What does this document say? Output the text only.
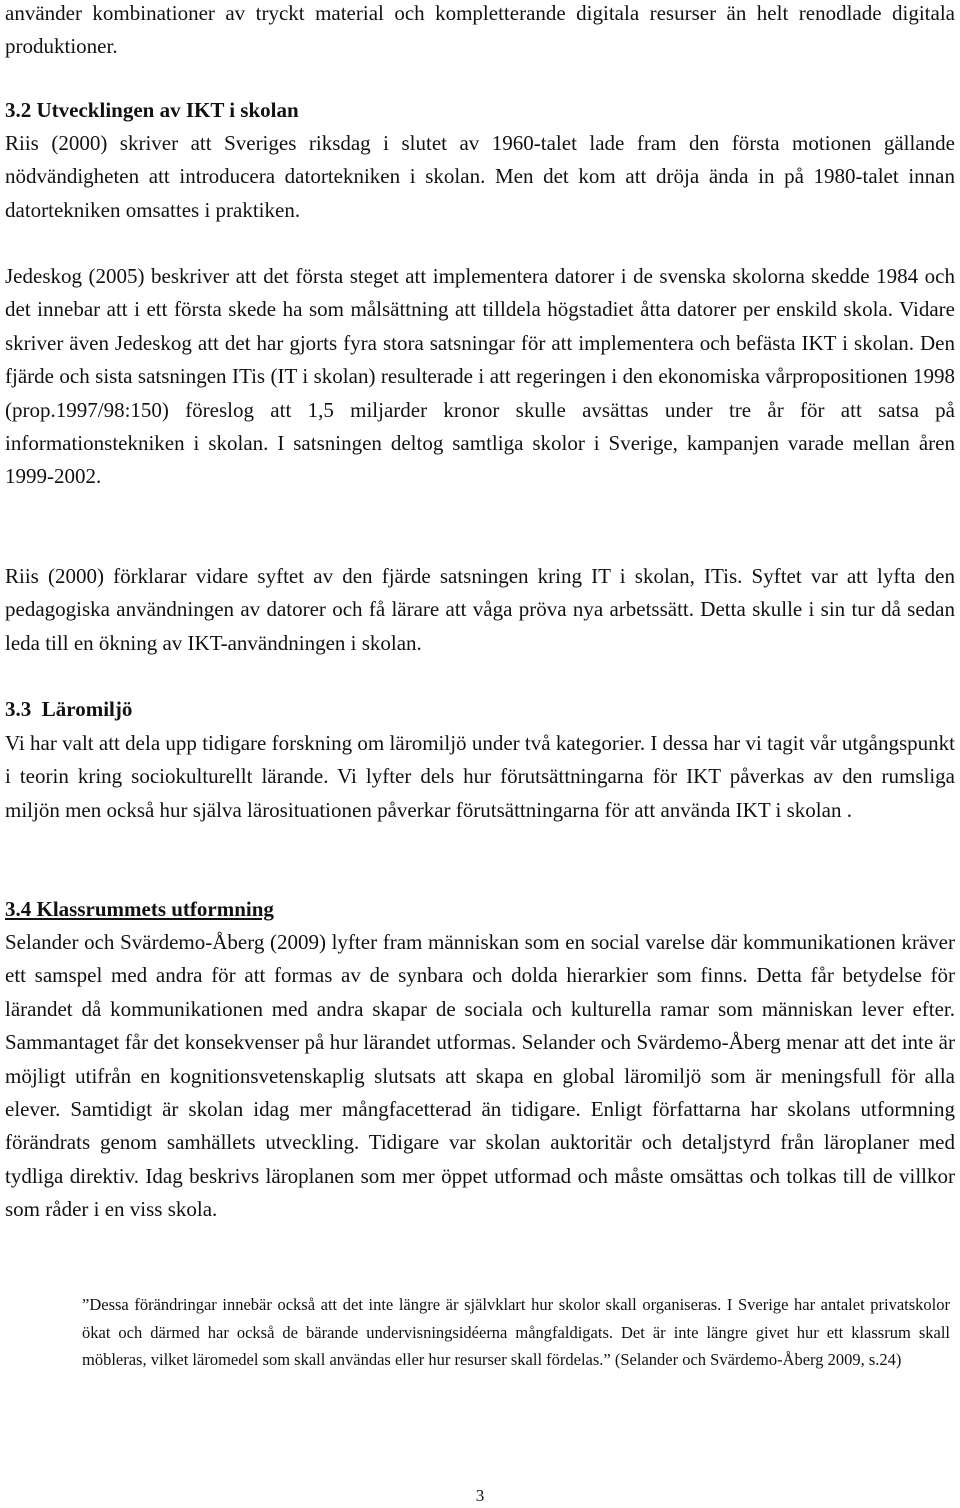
använder kombinationer av tryckt material och kompletterande digitala resurser än helt renodlade digitala produktioner.

3.2 Utvecklingen av IKT i skolan

Riis (2000) skriver att Sveriges riksdag i slutet av 1960-talet lade fram den första motionen gällande nödvändigheten att introducera datortekniken i skolan. Men det kom att dröja ända in på 1980-talet innan datortekniken omsattes i praktiken.

Jedeskog (2005) beskriver att det första steget att implementera datorer i de svenska skolorna skedde 1984 och det innebar att i ett första skede ha som målsättning att tilldela högstadiet åtta datorer per enskild skola. Vidare skriver även Jedeskog att det har gjorts fyra stora satsningar för att implementera och befästa IKT i skolan. Den fjärde och sista satsningen ITis (IT i skolan) resulterade i att regeringen i den ekonomiska vårpropositionen 1998 (prop.1997/98:150) föreslog att 1,5 miljarder kronor skulle avsättas under tre år för att satsa på informationstekniken i skolan. I satsningen deltog samtliga skolor i Sverige, kampanjen varade mellan åren 1999-2002.

Riis (2000) förklarar vidare syftet av den fjärde satsningen kring IT i skolan, ITis. Syftet var att lyfta den pedagogiska användningen av datorer och få lärare att våga pröva nya arbetssätt. Detta skulle i sin tur då sedan leda till en ökning av IKT-användningen i skolan.

3.3 Läromiljö

Vi har valt att dela upp tidigare forskning om läromiljö under två kategorier. I dessa har vi tagit vår utgångspunkt i teorin kring sociokulturellt lärande. Vi lyfter dels hur förutsättningarna för IKT påverkas av den rumsliga miljön men också hur själva lärosituationen påverkar förutsättningarna för att använda IKT i skolan .

3.4 Klassrummets utformning

Selander och Svärdemo-Åberg (2009) lyfter fram människan som en social varelse där kommunikationen kräver ett samspel med andra för att formas av de synbara och dolda hierarkier som finns. Detta får betydelse för lärandet då kommunikationen med andra skapar de sociala och kulturella ramar som människan lever efter. Sammantaget får det konsekvenser på hur lärandet utformas. Selander och Svärdemo-Åberg menar att det inte är möjligt utifrån en kognitionsvetenskaplig slutsats att skapa en global läromiljö som är meningsfull för alla elever. Samtidigt är skolan idag mer mångfacetterad än tidigare. Enligt författarna har skolans utformning förändrats genom samhällets utveckling. Tidigare var skolan auktoritär och detaljstyrd från läroplaner med tydliga direktiv. Idag beskrivs läroplanen som mer öppet utformad och måste omsättas och tolkas till de villkor som råder i en viss skola.

”Dessa förändringar innebär också att det inte längre är självklart hur skolor skall organiseras. I Sverige har antalet privatskolor ökat och därmed har också de bärande undervisningsidéerna mångfaldigats. Det är inte längre givet hur ett klassrum skall möbleras, vilket läromedel som skall användas eller hur resurser skall fördelas.” (Selander och Svärdemo-Åberg 2009, s.24)

3
